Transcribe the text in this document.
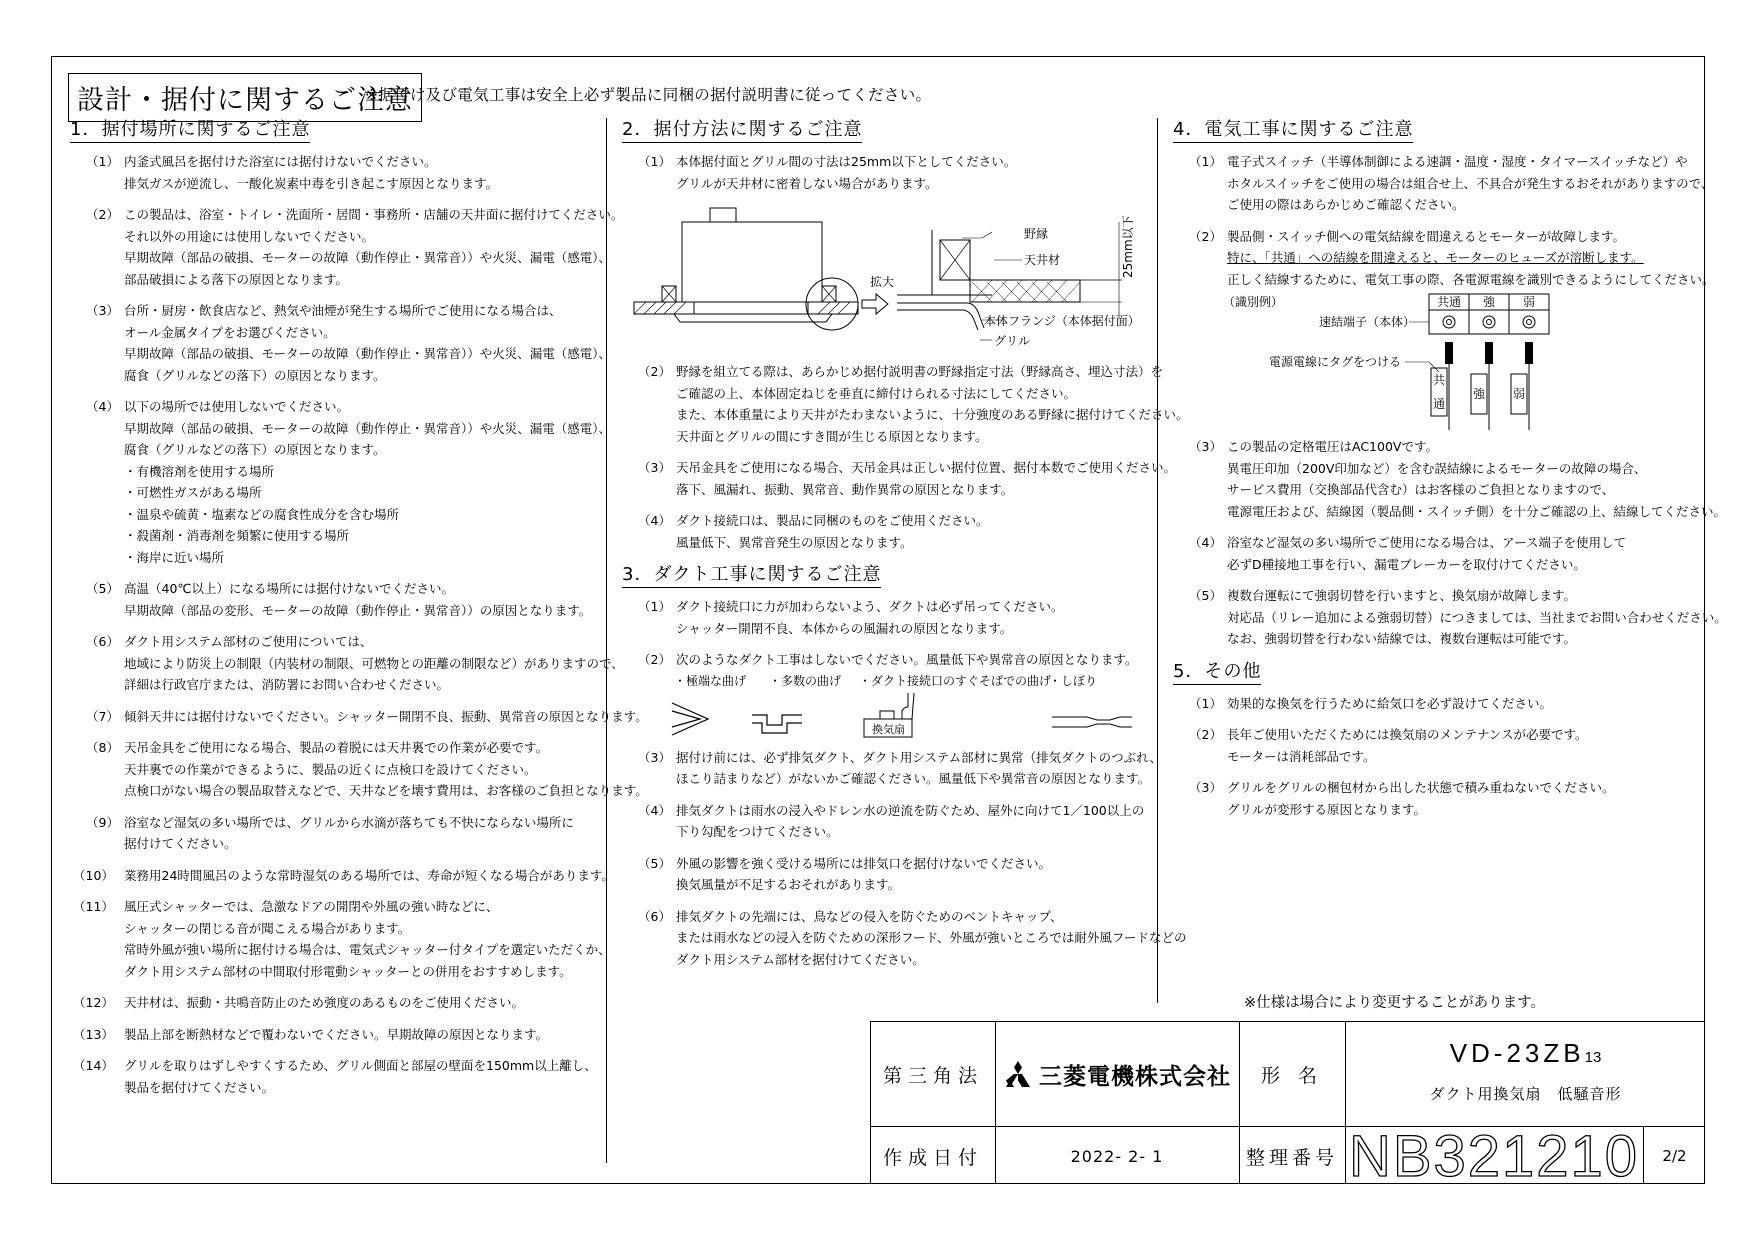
設計・据付に関するご注意
※据付け及び電気工事は安全上必ず製品に同梱の据付説明書に従ってください。
1．据付場所に関するご注意
（1） 内釜式風呂を据付けた浴室には据付けないでください。
排気ガスが逆流し、一酸化炭素中毒を引き起こす原因となります。
（2） この製品は、浴室・トイレ・洗面所・居間・事務所・店舗の天井面に据付けてください。
それ以外の用途には使用しないでください。
早期故障（部品の破損、モーターの故障（動作停止・異常音））や火災、漏電（感電）、
部品破損による落下の原因となります。
（3） 台所・厨房・飲食店など、熱気や油煙が発生する場所でご使用になる場合は、
オール金属タイプをお選びください。
早期故障（部品の破損、モーターの故障（動作停止・異常音））や火災、漏電（感電）、
腐食（グリルなどの落下）の原因となります。
（4） 以下の場所では使用しないでください。
早期故障（部品の破損、モーターの故障（動作停止・異常音））や火災、漏電（感電）、
腐食（グリルなどの落下）の原因となります。
・有機溶剤を使用する場所
・可燃性ガスがある場所
・温泉や硫黄・塩素などの腐食性成分を含む場所
・殺菌剤・消毒剤を頻繁に使用する場所
・海岸に近い場所
（5） 高温（40℃以上）になる場所には据付けないでください。
早期故障（部品の変形、モーターの故障（動作停止・異常音））の原因となります。
（6） ダクト用システム部材のご使用については、
地域により防災上の制限（内装材の制限、可燃物との距離の制限など）がありますので、
詳細は行政官庁または、消防署にお問い合わせください。
（7） 傾斜天井には据付けないでください。シャッター開閉不良、振動、異常音の原因となります。
（8） 天吊金具をご使用になる場合、製品の着脱には天井裏での作業が必要です。
天井裏での作業ができるように、製品の近くに点検口を設けてください。
点検口がない場合の製品取替えなどで、天井などを壊す費用は、お客様のご負担となります。
（9） 浴室など湿気の多い場所では、グリルから水滴が落ちても不快にならない場所に
据付けてください。
（10） 業務用24時間風呂のような常時湿気のある場所では、寿命が短くなる場合があります。
（11） 風圧式シャッターでは、急激なドアの開閉や外風の強い時などに、
シャッターの閉じる音が聞こえる場合があります。
常時外風が強い場所に据付ける場合は、電気式シャッター付タイプを選定いただくか、
ダクト用システム部材の中間取付形電動シャッターとの併用をおすすめします。
（12） 天井材は、振動・共鳴音防止のため強度のあるものをご使用ください。
（13） 製品上部を断熱材などで覆わないでください。早期故障の原因となります。
（14） グリルを取りはずしやすくするため、グリル側面と部屋の壁面を150mm以上離し、
製品を据付けてください。
2．据付方法に関するご注意
（1） 本体据付面とグリル間の寸法は25mm以下としてください。
グリルが天井材に密着しない場合があります。
野縁
天井材
本体フランジ（本体据付面）
グリル
拡大
25mm以下
（2） 野縁を組立てる際は、あらかじめ据付説明書の野縁指定寸法（野縁高さ、埋込寸法）を
ご確認の上、本体固定ねじを垂直に締付けられる寸法にしてください。
また、本体重量により天井がたわまないように、十分強度のある野縁に据付けてください。
天井面とグリルの間にすき間が生じる原因となります。
（3） 天吊金具をご使用になる場合、天吊金具は正しい据付位置、据付本数でご使用ください。
落下、風漏れ、振動、異常音、動作異常の原因となります。
（4） ダクト接続口は、製品に同梱のものをご使用ください。
風量低下、異常音発生の原因となります。
3．ダクト工事に関するご注意
（1） ダクト接続口に力が加わらないよう、ダクトは必ず吊ってください。
シャッター開閉不良、本体からの風漏れの原因となります。
（2） 次のようなダクト工事はしないでください。風量低下や異常音の原因となります。
・極端な曲げ ・多数の曲げ ・ダクト接続口のすぐそばでの曲げ
・しぼり
換気扇
（3） 据付け前には、必ず排気ダクト、ダクト用システム部材に異常（排気ダクトのつぶれ、
ほこり詰まりなど）がないかご確認ください。風量低下や異常音の原因となります。
（4） 排気ダクトは雨水の浸入やドレン水の逆流を防ぐため、屋外に向けて1／100以上の
下り勾配をつけてください。
（5） 外風の影響を強く受ける場所には排気口を据付けないでください。
換気風量が不足するおそれがあります。
（6） 排気ダクトの先端には、鳥などの侵入を防ぐためのベントキャップ、
または雨水などの浸入を防ぐための深形フード、外風が強いところでは耐外風フードなどの
ダクト用システム部材を据付けてください。
4．電気工事に関するご注意
（1） 電子式スイッチ（半導体制御による速調・温度・湿度・タイマースイッチなど）や
ホタルスイッチをご使用の場合は組合せ上、不具合が発生するおそれがありますので、
ご使用の際はあらかじめご確認ください。
（2） 製品側・スイッチ側への電気結線を間違えるとモーターが故障します。
特に、「共通」への結線を間違えると、モーターのヒューズが溶断します。
正しく結線するために、電気工事の際、各電源電線を識別できるようにしてください。
（識別例）
速結端子（本体）
共通 強 弱
共
通
強 弱
電源電線にタグをつける
（3） この製品の定格電圧はAC100Vです。
異電圧印加（200V印加など）を含む誤結線によるモーターの故障の場合、
サービス費用（交換部品代含む）はお客様のご負担となりますので、
電源電圧および、結線図（製品側・スイッチ側）を十分ご確認の上、結線してください。
（4） 浴室など湿気の多い場所でご使用になる場合は、アース端子を使用して
必ずD種接地工事を行い、漏電ブレーカーを取付けてください。
（5） 複数台運転にて強弱切替を行いますと、換気扇が故障します。
対応品（リレー追加による強弱切替）につきましては、当社までお問い合わせください。
なお、強弱切替を行わない結線では、複数台運転は可能です。
5．その他
（1） 効果的な換気を行うために給気口を必ず設けてください。
（2） 長年ご使用いただくためには換気扇のメンテナンスが必要です。
モーターは消耗部品です。
（3） グリルをグリルの梱包材から出した状態で積み重ねないでください。
グリルが変形する原因となります。
※仕様は場合により変更することがあります。
第三角法	三菱電機株式会社	形 名
VD-23ZB13
ダクト用換気扇　低騒音形
作成日付	2022- 2- 1	整理番号 NB321210	2/2
